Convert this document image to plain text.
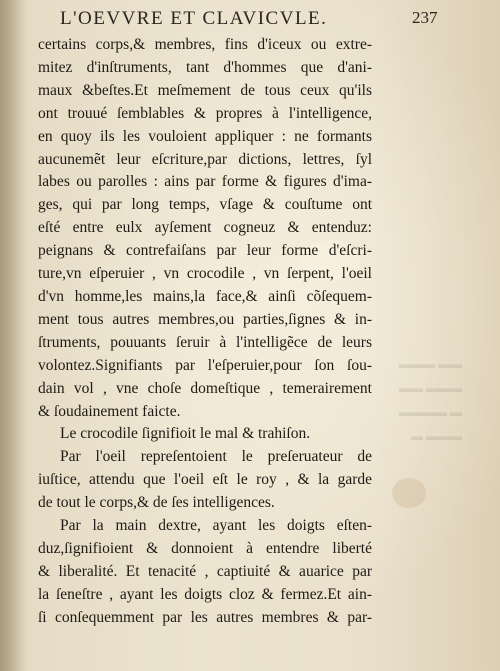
▬▬ ▬▬▬
▬▬▬ ▬▬
▬ ▬▬▬▬
▬▬▬ ▬
L'OEVVRE ET CLAVICVLE.	237
certains corps,& membres, fins d'iceux ou extre-
mitez d'inſtruments, tant d'hommes que d'ani-
maux &beſtes.Et meſmement de tous ceux qu'ils
ont trouué ſemblables & propres à l'intelligence,
en quoy ils les vouloient appliquer : ne formants
aucunemẽt leur eſcriture,par dictions, lettres, ſyl
labes ou parolles : ains par forme & figures d'ima-
ges, qui par long temps, vſage & couſtume ont
eſté entre eulx ayſement cogneuz & entenduz:
peignans & contrefaiſans par leur forme d'eſcri-
ture,vn eſperuier , vn crocodile , vn ſerpent, l'oeil
d'vn homme,les mains,la face,& ainſi cõſequem-
ment tous autres membres,ou parties,ſignes & in-
ſtruments, pouuants ſeruir à l'intelligẽce de leurs
volontez.Signifiants par l'eſperuier,pour ſon ſou-
dain vol , vne choſe domeſtique , temerairement
& ſoudainement faicte.
Le crocodile ſignifioit le mal & trahiſon.
Par l'oeil repreſentoient le preſeruateur de
iuſtice, attendu que l'oeil eſt le roy , & la garde
de tout le corps,& de ſes intelligences.
Par la main dextre, ayant les doigts eſten-
duz,ſignifioient & donnoient à entendre liberté
& liberalité. Et tenacité , captiuité & auarice par
la ſeneſtre , ayant les doigts cloz & fermez.Et ain-
ſi conſequemment par les autres membres & par-
